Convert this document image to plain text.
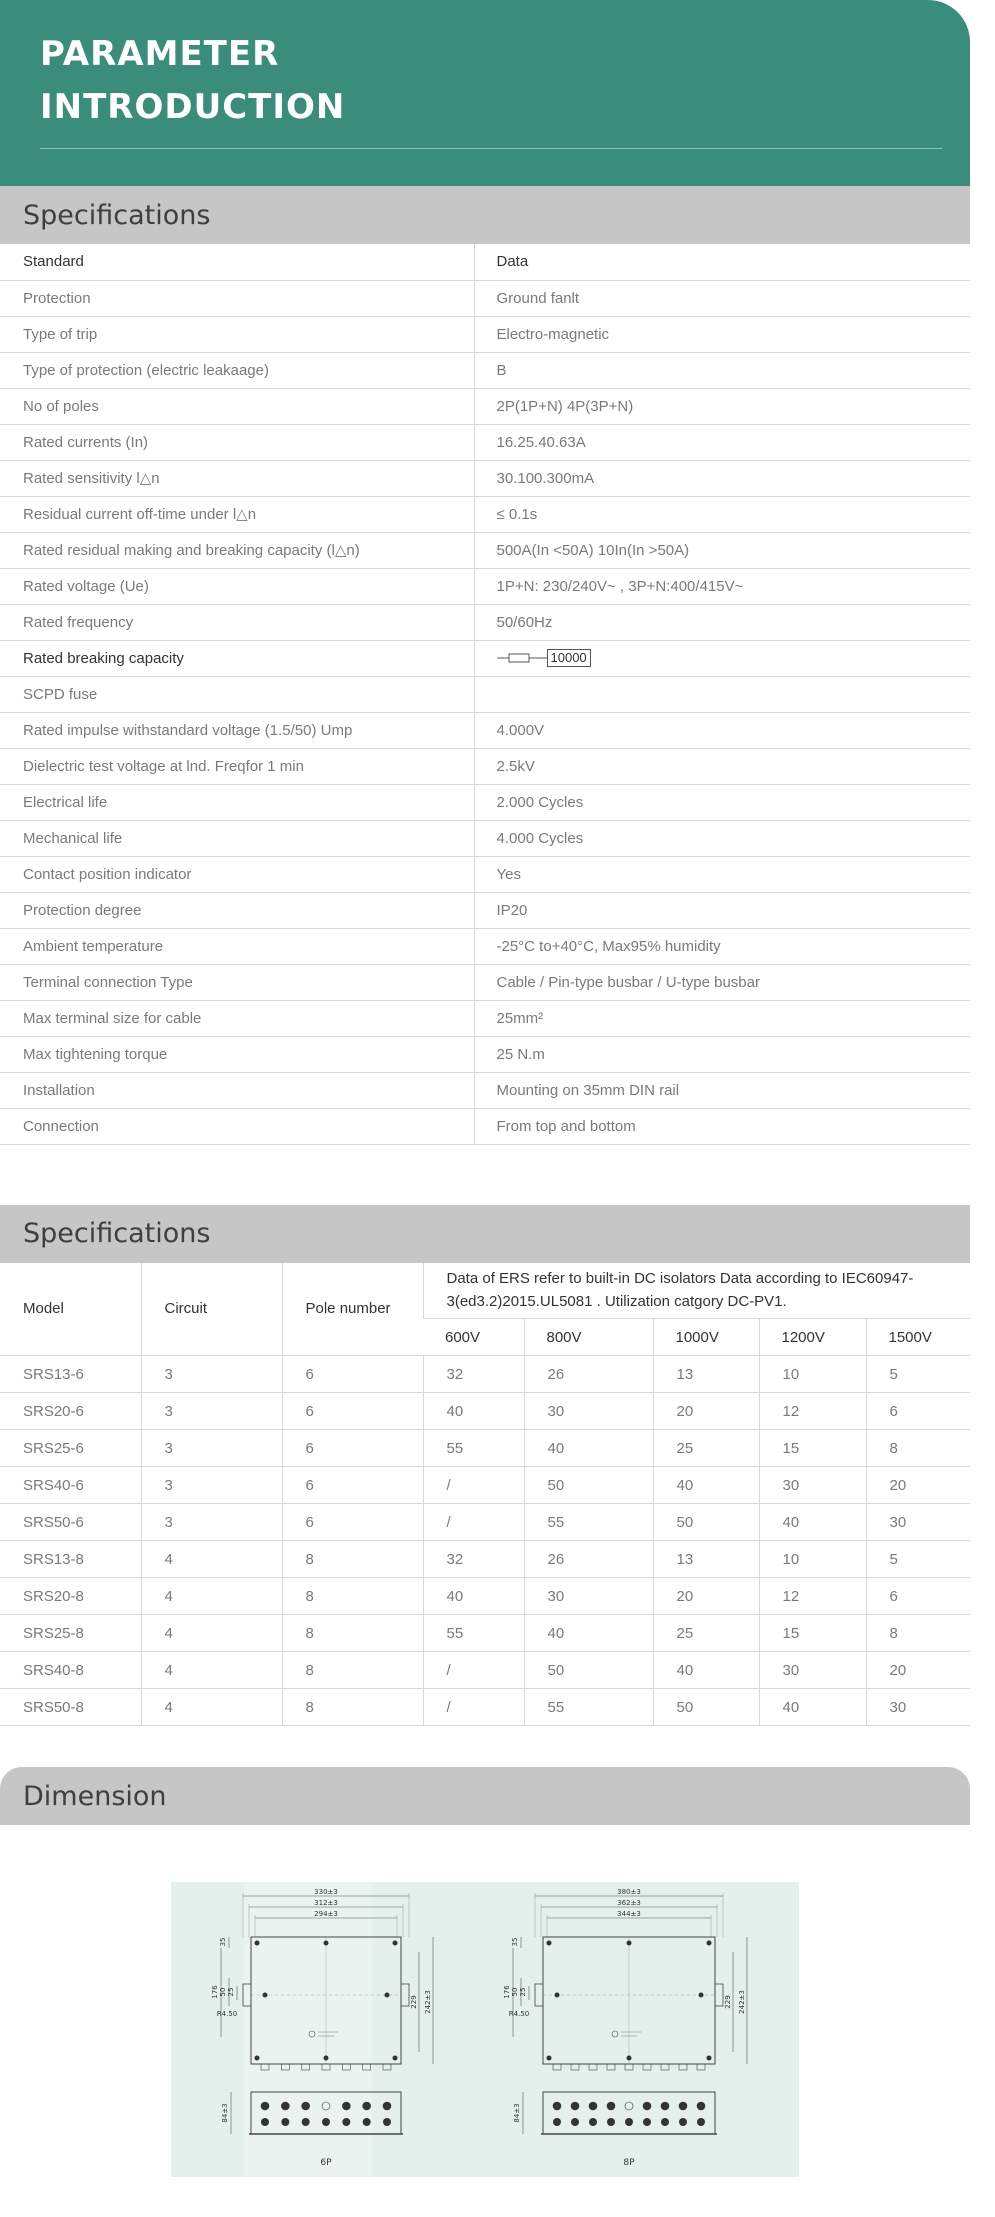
PARAMETER
INTRODUCTION
Specifications
Standard	Data
Protection	Ground fanlt
Type of trip	Electro-magnetic
Type of protection (electric leakaage)	B
No of poles	2P(1P+N) 4P(3P+N)
Rated currents (In)	16.25.40.63A
Rated sensitivity l△n	30.100.300mA
Residual current off-time under l△n	≤ 0.1s
Rated residual making and breaking capacity (l△n)	500A(In <50A) 10In(In >50A)
Rated voltage (Ue)	1P+N: 230/240V~ , 3P+N:400/415V~
Rated frequency	50/60Hz
Rated breaking capacity	10000

SCPD fuse	
Rated impulse withstandard voltage (1.5/50) Ump	4.000V
Dielectric test voltage at lnd. Freqfor 1 min	2.5kV
Electrical life	2.000 Cycles
Mechanical life	4.000 Cycles
Contact position indicator	Yes
Protection degree	IP20
Ambient temperature	-25°C to+40°C, Max95% humidity
Terminal connection Type	Cable / Pin-type busbar / U-type busbar
Max terminal size for cable	25mm²
Max tightening torque	25 N.m
Installation	Mounting on 35mm DIN rail
Connection	From top and bottom
Specifications
Model	Circuit	Pole number	Data of ERS refer to built-in DC isolators Data according to IEC60947-3(ed3.2)2015.UL5081 . Utilization catgory DC-PV1.				
			600V	800V	1000V	1200V	1500V
SRS13-6	3	6	32	26	13	10	5
SRS20-6	3	6	40	30	20	12	6
SRS25-6	3	6	55	40	25	15	8
SRS40-6	3	6	/	50	40	30	20
SRS50-6	3	6	/	55	50	40	30
SRS13-8	4	8	32	26	13	10	5
SRS20-8	4	8	40	30	20	12	6
SRS25-8	4	8	55	40	25	15	8
SRS40-8	4	8	/	50	40	30	20
SRS50-8	4	8	/	55	50	40	30
Dimension
330±3
312±3
294±3
35
176 50 25
R4.50
229 242±3
84±3
6P
380±3
362±3
344±3
35
176 50 25
R4.50
229 242±3
84±3
8P
